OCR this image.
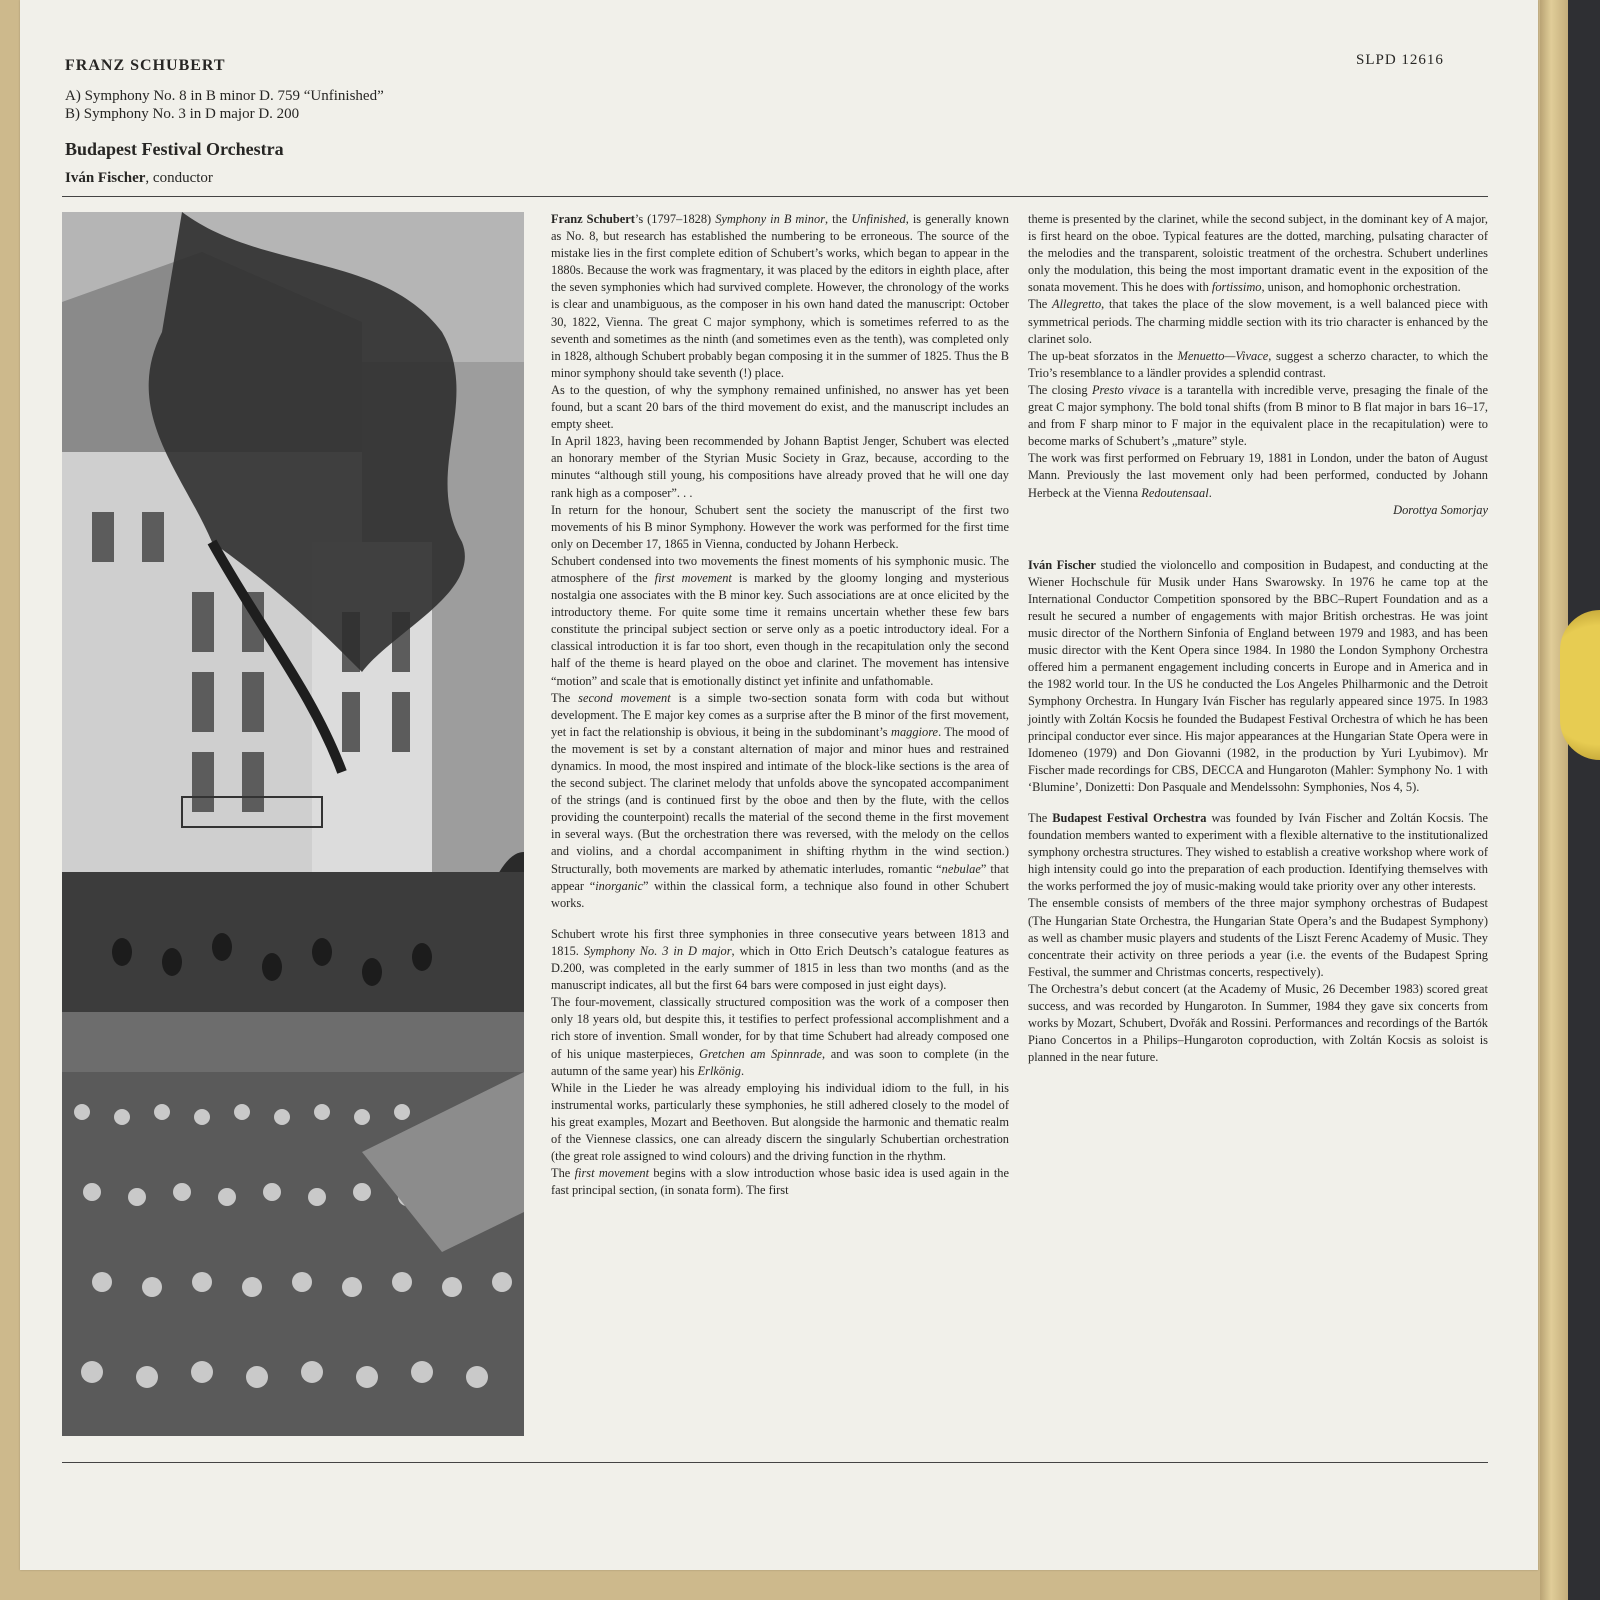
FRANZ SCHUBERT	SLPD 12616
A) Symphony No. 8 in B minor D. 759 “Unfinished”
B) Symphony No. 3 in D major D. 200
Budapest Festival Orchestra
Iván Fischer, conductor

Franz Schubert’s (1797–1828) Symphony in B minor, the Unfinished, is generally known as No. 8, but research has established the numbering to be erroneous. The source of the mistake lies in the first complete edition of Schubert’s works, which began to appear in the 1880s. Because the work was fragmentary, it was placed by the editors in eighth place, after the seven symphonies which had survived complete. However, the chronology of the works is clear and unambiguous, as the composer in his own hand dated the manuscript: October 30, 1822, Vienna. The great C major symphony, which is sometimes referred to as the seventh and sometimes as the ninth (and sometimes even as the tenth), was completed only in 1828, although Schubert probably began composing it in the summer of 1825. Thus the B minor symphony should take seventh (!) place.

As to the question, of why the symphony remained unfinished, no answer has yet been found, but a scant 20 bars of the third movement do exist, and the manuscript includes an empty sheet.

In April 1823, having been recommended by Johann Baptist Jenger, Schubert was elected an honorary member of the Styrian Music Society in Graz, because, according to the minutes “although still young, his compositions have already proved that he will one day rank high as a composer”. . .

In return for the honour, Schubert sent the society the manuscript of the first two movements of his B minor Symphony. However the work was performed for the first time only on December 17, 1865 in Vienna, conducted by Johann Herbeck.

Schubert condensed into two movements the finest moments of his symphonic music. The atmosphere of the first movement is marked by the gloomy longing and mysterious nostalgia one associates with the B minor key. Such associations are at once elicited by the introductory theme. For quite some time it remains uncertain whether these few bars constitute the principal subject section or serve only as a poetic introductory ideal. For a classical introduction it is far too short, even though in the recapitulation only the second half of the theme is heard played on the oboe and clarinet. The movement has intensive “motion” and scale that is emotionally distinct yet infinite and unfathomable.

The second movement is a simple two-section sonata form with coda but without development. The E major key comes as a surprise after the B minor of the first movement, yet in fact the relationship is obvious, it being in the subdominant’s maggiore. The mood of the movement is set by a constant alternation of major and minor hues and restrained dynamics. In mood, the most inspired and intimate of the block-like sections is the area of the second subject. The clarinet melody that unfolds above the syncopated accompaniment of the strings (and is continued first by the oboe and then by the flute, with the cellos providing the counterpoint) recalls the material of the second theme in the first movement in several ways. (But the orchestration there was reversed, with the melody on the cellos and violins, and a chordal accompaniment in shifting rhythm in the wind section.) Structurally, both movements are marked by athematic interludes, romantic “nebulae” that appear “inorganic” within the classical form, a technique also found in other Schubert works.

Schubert wrote his first three symphonies in three consecutive years between 1813 and 1815. Symphony No. 3 in D major, which in Otto Erich Deutsch’s catalogue features as D.200, was completed in the early summer of 1815 in less than two months (and as the manuscript indicates, all but the first 64 bars were composed in just eight days).

The four-movement, classically structured composition was the work of a composer then only 18 years old, but despite this, it testifies to perfect professional accomplishment and a rich store of invention. Small wonder, for by that time Schubert had already composed one of his unique masterpieces, Gretchen am Spinnrade, and was soon to complete (in the autumn of the same year) his Erlkönig.

While in the Lieder he was already employing his individual idiom to the full, in his instrumental works, particularly these symphonies, he still adhered closely to the model of his great examples, Mozart and Beethoven. But alongside the harmonic and thematic realm of the Viennese classics, one can already discern the singularly Schubertian orchestration (the great role assigned to wind colours) and the driving function in the rhythm.

The first movement begins with a slow introduction whose basic idea is used again in the fast principal section, (in sonata form). The first

theme is presented by the clarinet, while the second subject, in the dominant key of A major, is first heard on the oboe. Typical features are the dotted, marching, pulsating character of the melodies and the transparent, soloistic treatment of the orchestra. Schubert underlines only the modulation, this being the most important dramatic event in the exposition of the sonata movement. This he does with fortissimo, unison, and homophonic orchestration.

The Allegretto, that takes the place of the slow movement, is a well balanced piece with symmetrical periods. The charming middle section with its trio character is enhanced by the clarinet solo.

The up-beat sforzatos in the Menuetto—Vivace, suggest a scherzo character, to which the Trio’s resemblance to a ländler provides a splendid contrast.

The closing Presto vivace is a tarantella with incredible verve, presaging the finale of the great C major symphony. The bold tonal shifts (from B minor to B flat major in bars 16–17, and from F sharp minor to F major in the equivalent place in the recapitulation) were to become marks of Schubert’s „mature” style.

The work was first performed on February 19, 1881 in London, under the baton of August Mann. Previously the last movement only had been performed, conducted by Johann Herbeck at the Vienna Redoutensaal.

Dorottya Somorjay

Iván Fischer studied the violoncello and composition in Budapest, and conducting at the Wiener Hochschule für Musik under Hans Swarowsky. In 1976 he came top at the International Conductor Competition sponsored by the BBC–Rupert Foundation and as a result he secured a number of engagements with major British orchestras. He was joint music director of the Northern Sinfonia of England between 1979 and 1983, and has been music director with the Kent Opera since 1984. In 1980 the London Symphony Orchestra offered him a permanent engagement including concerts in Europe and in America and in the 1982 world tour. In the US he conducted the Los Angeles Philharmonic and the Detroit Symphony Orchestra. In Hungary Iván Fischer has regularly appeared since 1975. In 1983 jointly with Zoltán Kocsis he founded the Budapest Festival Orchestra of which he has been principal conductor ever since. His major appearances at the Hungarian State Opera were in Idomeneo (1979) and Don Giovanni (1982, in the production by Yuri Lyubimov). Mr Fischer made recordings for CBS, DECCA and Hungaroton (Mahler: Symphony No. 1 with ‘Blumine’, Donizetti: Don Pasquale and Mendelssohn: Symphonies, Nos 4, 5).

The Budapest Festival Orchestra was founded by Iván Fischer and Zoltán Kocsis. The foundation members wanted to experiment with a flexible alternative to the institutionalized symphony orchestra structures. They wished to establish a creative workshop where work of high intensity could go into the preparation of each production. Identifying themselves with the works performed the joy of music-making would take priority over any other interests.

The ensemble consists of members of the three major symphony orchestras of Budapest (The Hungarian State Orchestra, the Hungarian State Opera’s and the Budapest Symphony) as well as chamber music players and students of the Liszt Ferenc Academy of Music. They concentrate their activity on three periods a year (i.e. the events of the Budapest Spring Festival, the summer and Christmas concerts, respectively).

The Orchestra’s debut concert (at the Academy of Music, 26 December 1983) scored great success, and was recorded by Hungaroton. In Summer, 1984 they gave six concerts from works by Mozart, Schubert, Dvořák and Rossini. Performances and recordings of the Bartók Piano Concertos in a Philips–Hungaroton coproduction, with Zoltán Kocsis as soloist is planned in the near future.
